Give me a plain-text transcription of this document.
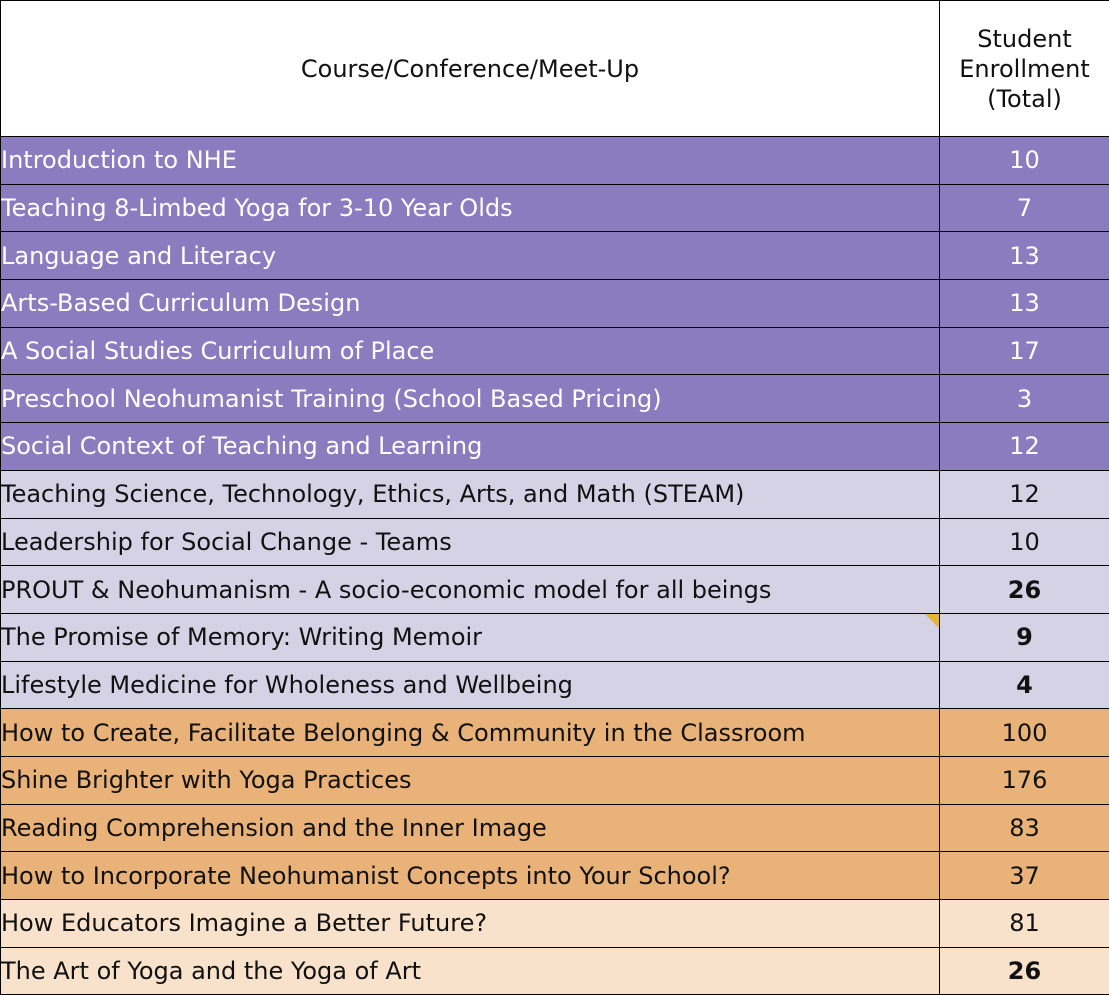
Course/Conference/Meet-Up	Student
Enrollment
(Total)

Introduction to NHE	10
Teaching 8-Limbed Yoga for 3-10 Year Olds	7
Language and Literacy	13
Arts-Based Curriculum Design	13
A Social Studies Curriculum of Place	17
Preschool Neohumanist Training (School Based Pricing)	3
Social Context of Teaching and Learning	12
Teaching Science, Technology, Ethics, Arts, and Math (STEAM)	12
Leadership for Social Change - Teams	10
PROUT & Neohumanism - A socio-economic model for all beings	26
The Promise of Memory: Writing Memoir	9
Lifestyle Medicine for Wholeness and Wellbeing	4
How to Create, Facilitate Belonging & Community in the Classroom	100
Shine Brighter with Yoga Practices	176
Reading Comprehension and the Inner Image	83
How to Incorporate Neohumanist Concepts into Your School?	37
How Educators Imagine a Better Future?	81
The Art of Yoga and the Yoga of Art	26
